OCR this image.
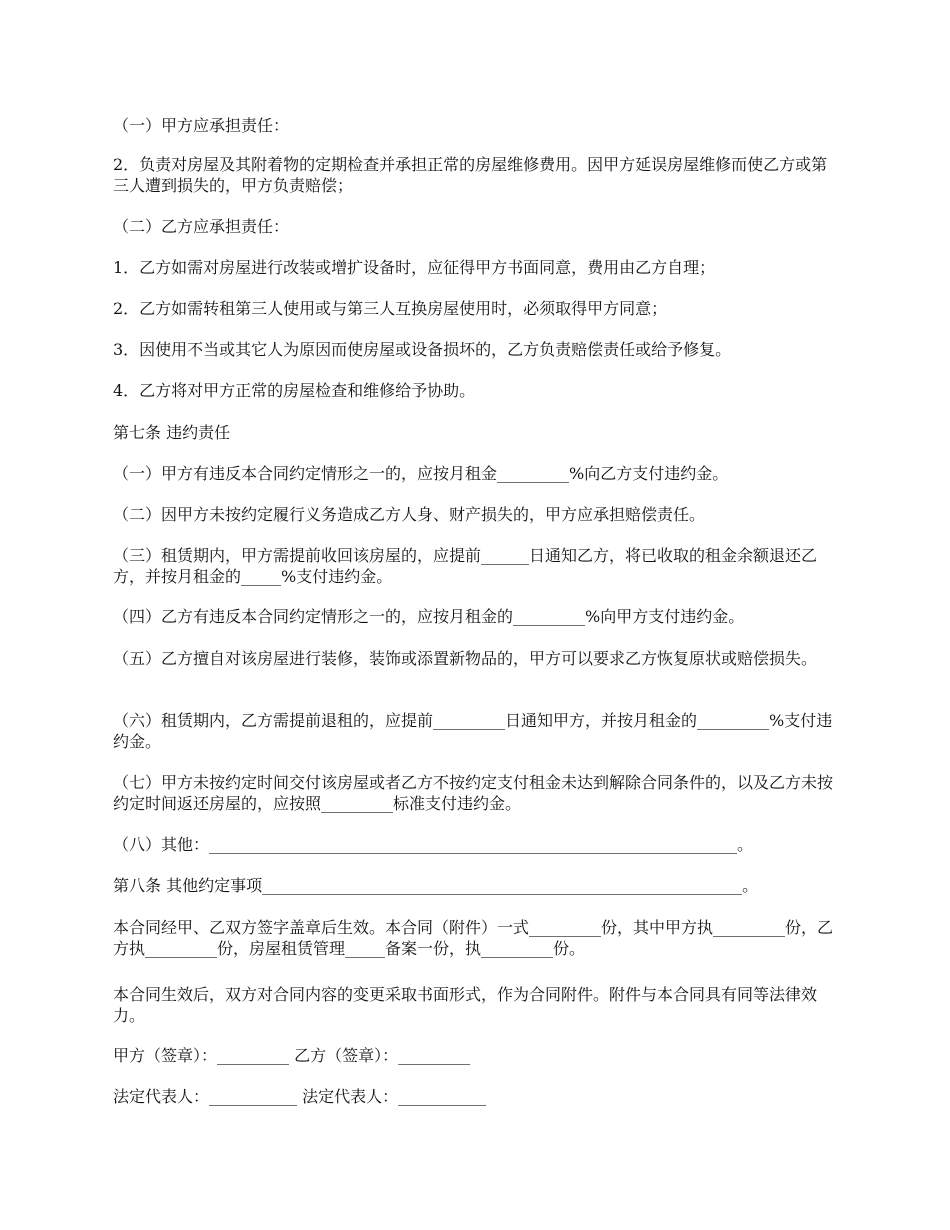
（一）甲方应承担责任：

2．负责对房屋及其附着物的定期检查并承担正常的房屋维修费用。因甲方延误房屋维修而使乙方或第三人遭到损失的，甲方负责赔偿；

（二）乙方应承担责任：

1．乙方如需对房屋进行改装或增扩设备时，应征得甲方书面同意，费用由乙方自理；

2．乙方如需转租第三人使用或与第三人互换房屋使用时，必须取得甲方同意；

3．因使用不当或其它人为原因而使房屋或设备损坏的，乙方负责赔偿责任或给予修复。

4．乙方将对甲方正常的房屋检查和维修给予协助。

第七条 违约责任

（一）甲方有违反本合同约定情形之一的，应按月租金_________%向乙方支付违约金。

（二）因甲方未按约定履行义务造成乙方人身、财产损失的，甲方应承担赔偿责任。

（三）租赁期内，甲方需提前收回该房屋的，应提前______日通知乙方，将已收取的租金余额退还乙方，并按月租金的_____%支付违约金。

（四）乙方有违反本合同约定情形之一的，应按月租金的_________%向甲方支付违约金。

（五）乙方擅自对该房屋进行装修，装饰或添置新物品的，甲方可以要求乙方恢复原状或赔偿损失。

（六）租赁期内，乙方需提前退租的，应提前_________日通知甲方，并按月租金的_________%支付违约金。

（七）甲方未按约定时间交付该房屋或者乙方不按约定支付租金未达到解除合同条件的，以及乙方未按约定时间返还房屋的，应按照_________标准支付违约金。

（八）其他：__________________________________________________________________。

第八条 其他约定事项____________________________________________________________。

本合同经甲、乙双方签字盖章后生效。本合同（附件）一式_________份，其中甲方执_________份，乙方执_________份，房屋租赁管理_____备案一份，执_________份。

本合同生效后，双方对合同内容的变更采取书面形式，作为合同附件。附件与本合同具有同等法律效力。

甲方（签章）：_________ 乙方（签章）：_________

法定代表人：___________ 法定代表人：___________
